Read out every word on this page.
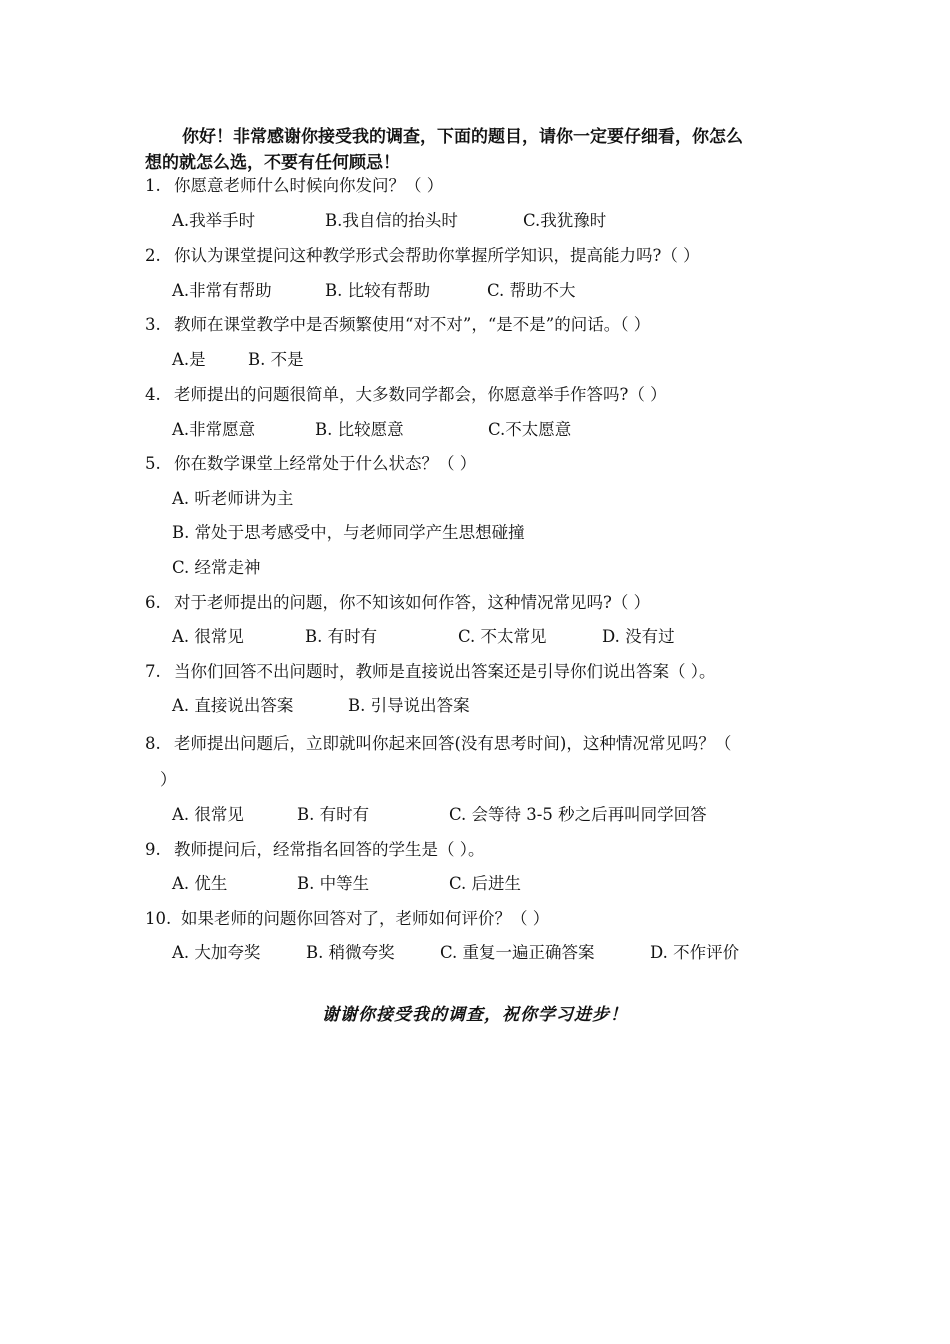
你好！非常感谢你接受我的调查，下面的题目，请你一定要仔细看，你怎么
想的就怎么选，不要有任何顾忌！
1. 你愿意老师什么时候向你发问？（ ）
A.我举手时	B.我自信的抬头时	C.我犹豫时
2. 你认为课堂提问这种教学形式会帮助你掌握所学知识，提高能力吗?（ ）
A.非常有帮助	B. 比较有帮助	C. 帮助不大
3. 教师在课堂教学中是否频繁使用“对不对”，“是不是”的问话。（ ）
A.是	B. 不是
4. 老师提出的问题很简单，大多数同学都会，你愿意举手作答吗?（ ）
A.非常愿意	B. 比较愿意	C.不太愿意
5. 你在数学课堂上经常处于什么状态？（ ）
A. 听老师讲为主
B. 常处于思考感受中，与老师同学产生思想碰撞
C. 经常走神
6. 对于老师提出的问题，你不知该如何作答，这种情况常见吗?（ ）
A. 很常见	B. 有时有	C. 不太常见	D. 没有过
7. 当你们回答不出问题时，教师是直接说出答案还是引导你们说出答案（ ）。
A. 直接说出答案	B. 引导说出答案
8. 老师提出问题后，立即就叫你起来回答(没有思考时间)，这种情况常见吗？（
）
A. 很常见	B. 有时有	C. 会等待 3-5 秒之后再叫同学回答
9. 教师提问后，经常指名回答的学生是（ ）。
A. 优生	B. 中等生	C. 后进生
10. 如果老师的问题你回答对了，老师如何评价？（ ）
A. 大加夸奖	B. 稍微夸奖	C. 重复一遍正确答案	D. 不作评价
谢谢你接受我的调查，祝你学习进步！
